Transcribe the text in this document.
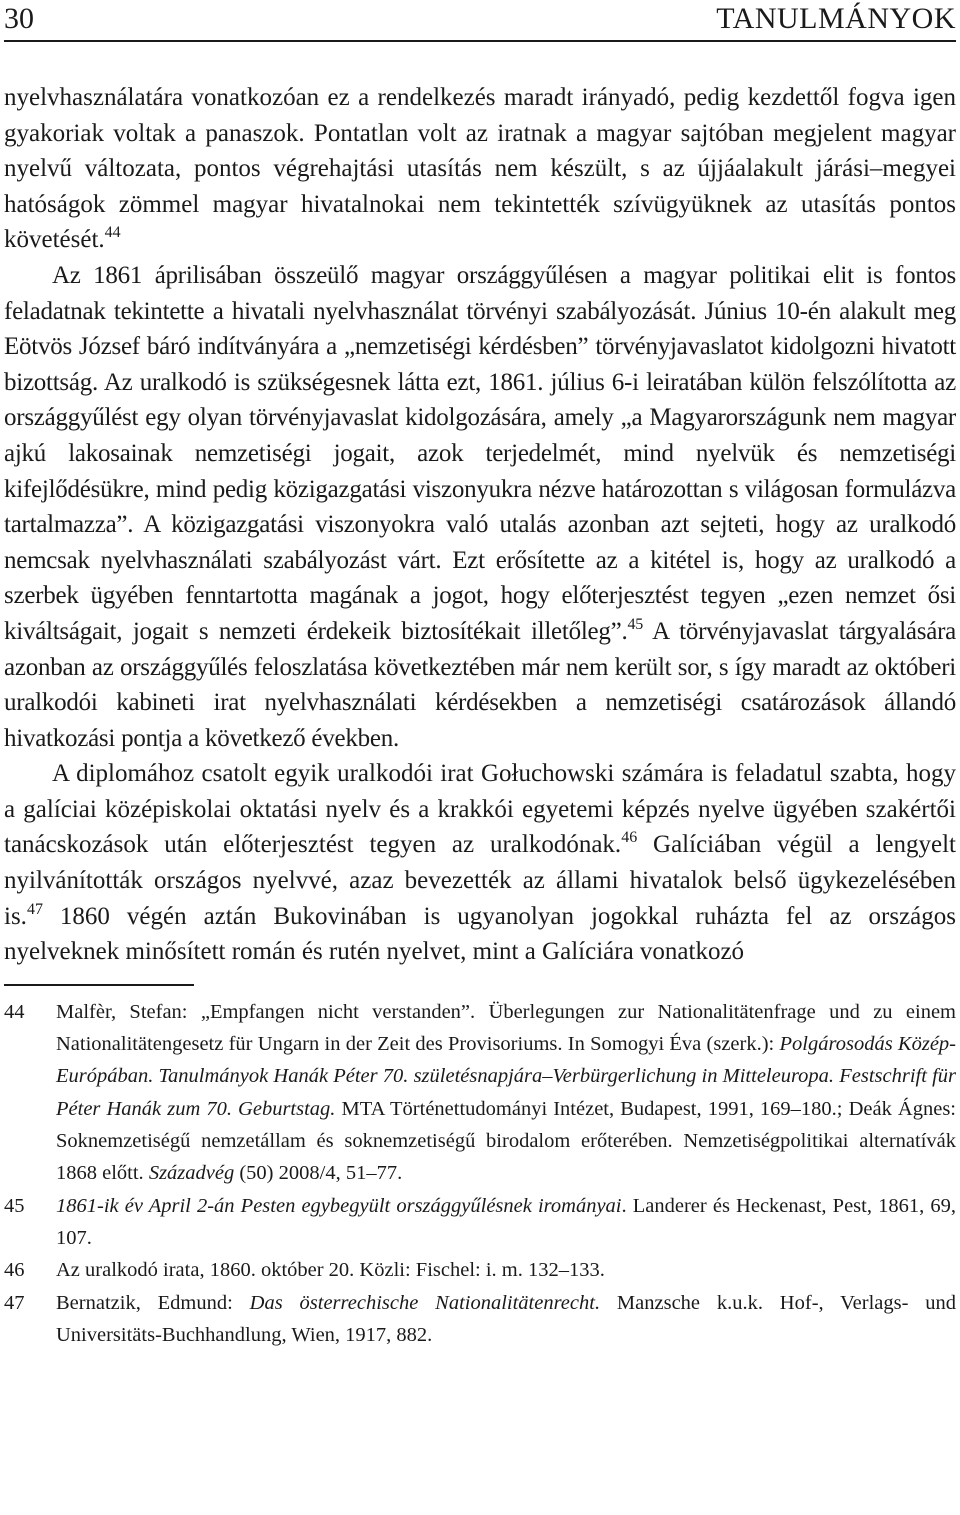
30	TANULMÁNYOK

nyelvhasználatára vonatkozóan ez a rendelkezés maradt irányadó, pedig kezdettől fogva igen gyakoriak voltak a panaszok. Pontatlan volt az iratnak a magyar sajtóban megjelent magyar nyelvű változata, pontos végrehajtási utasítás nem készült, s az újjáalakult járási–megyei hatóságok zömmel magyar hivatalnokai nem tekintették szívügyüknek az utasítás pontos követését.$^{44}$

Az 1861 áprilisában összeülő magyar országgyűlésen a magyar politikai elit is fontos feladatnak tekintette a hivatali nyelvhasználat törvényi szabályozását. Június 10-én alakult meg Eötvös József báró indítványára a „nemzetiségi kérdésben” törvényjavaslatot kidolgozni hivatott bizottság. Az uralkodó is szükségesnek látta ezt, 1861. július 6-i leiratában külön felszólította az országgyűlést egy olyan törvényjavaslat kidolgozására, amely „a Magyarországunk nem magyar ajkú lakosainak nemzetiségi jogait, azok terjedelmét, mind nyelvük és nemzetiségi kifejlődésükre, mind pedig közigazgatási viszonyukra nézve határozottan s világosan formulázva tartalmazza”. A közigazgatási viszonyokra való utalás azonban azt sejteti, hogy az uralkodó nemcsak nyelvhasználati szabályozást várt. Ezt erősítette az a kitétel is, hogy az uralkodó a szerbek ügyében fenntartotta magának a jogot, hogy előterjesztést tegyen „ezen nemzet ősi kiváltságait, jogait s nemzeti érdekeik biztosítékait illetőleg”.$^{45}$ A törvényjavaslat tárgyalására azonban az országgyűlés feloszlatása következtében már nem került sor, s így maradt az októberi uralkodói kabineti irat nyelvhasználati kérdésekben a nemzetiségi csatározások állandó hivatkozási pontja a következő években.

A diplomához csatolt egyik uralkodói irat Gołuchowski számára is feladatul szabta, hogy a galíciai középiskolai oktatási nyelv és a krakkói egyetemi képzés nyelve ügyében szakértői tanácskozások után előterjesztést tegyen az uralkodónak.$^{46}$ Galíciában végül a lengyelt nyilvánították országos nyelvvé, azaz bevezették az állami hivatalok belső ügykezelésében is.$^{47}$ 1860 végén aztán Bukovinában is ugyanolyan jogokkal ruházta fel az országos nyelveknek minősített román és rutén nyelvet, mint a Galíciára vonatkozó

44	Malfèr, Stefan: „Empfangen nicht verstanden”. Überlegungen zur Nationalitätenfrage und zu einem Nationalitätengesetz für Ungarn in der Zeit des Provisoriums. In Somogyi Éva (szerk.): Polgárosodás Közép-Európában. Tanulmányok Hanák Péter 70. születésnapjára–Verbürgerlichung in Mitteleuropa. Festschrift für Péter Hanák zum 70. Geburtstag. MTA Történettudományi Intézet, Budapest, 1991, 169–180.; Deák Ágnes: Soknemzetiségű nemzetállam és soknemzetiségű birodalom erőterében. Nemzetiségpolitikai alternatívák 1868 előtt. Századvég (50) 2008/4, 51–77.
45	1861-ik év April 2-án Pesten egybegyült országgyűlésnek irományai. Landerer és Heckenast, Pest, 1861, 69, 107.
46	Az uralkodó irata, 1860. október 20. Közli: Fischel: i. m. 132–133.
47	Bernatzik, Edmund: Das österrechische Nationalitätenrecht. Manzsche k.u.k. Hof-, Verlags- und Universitäts-Buchhandlung, Wien, 1917, 882.
